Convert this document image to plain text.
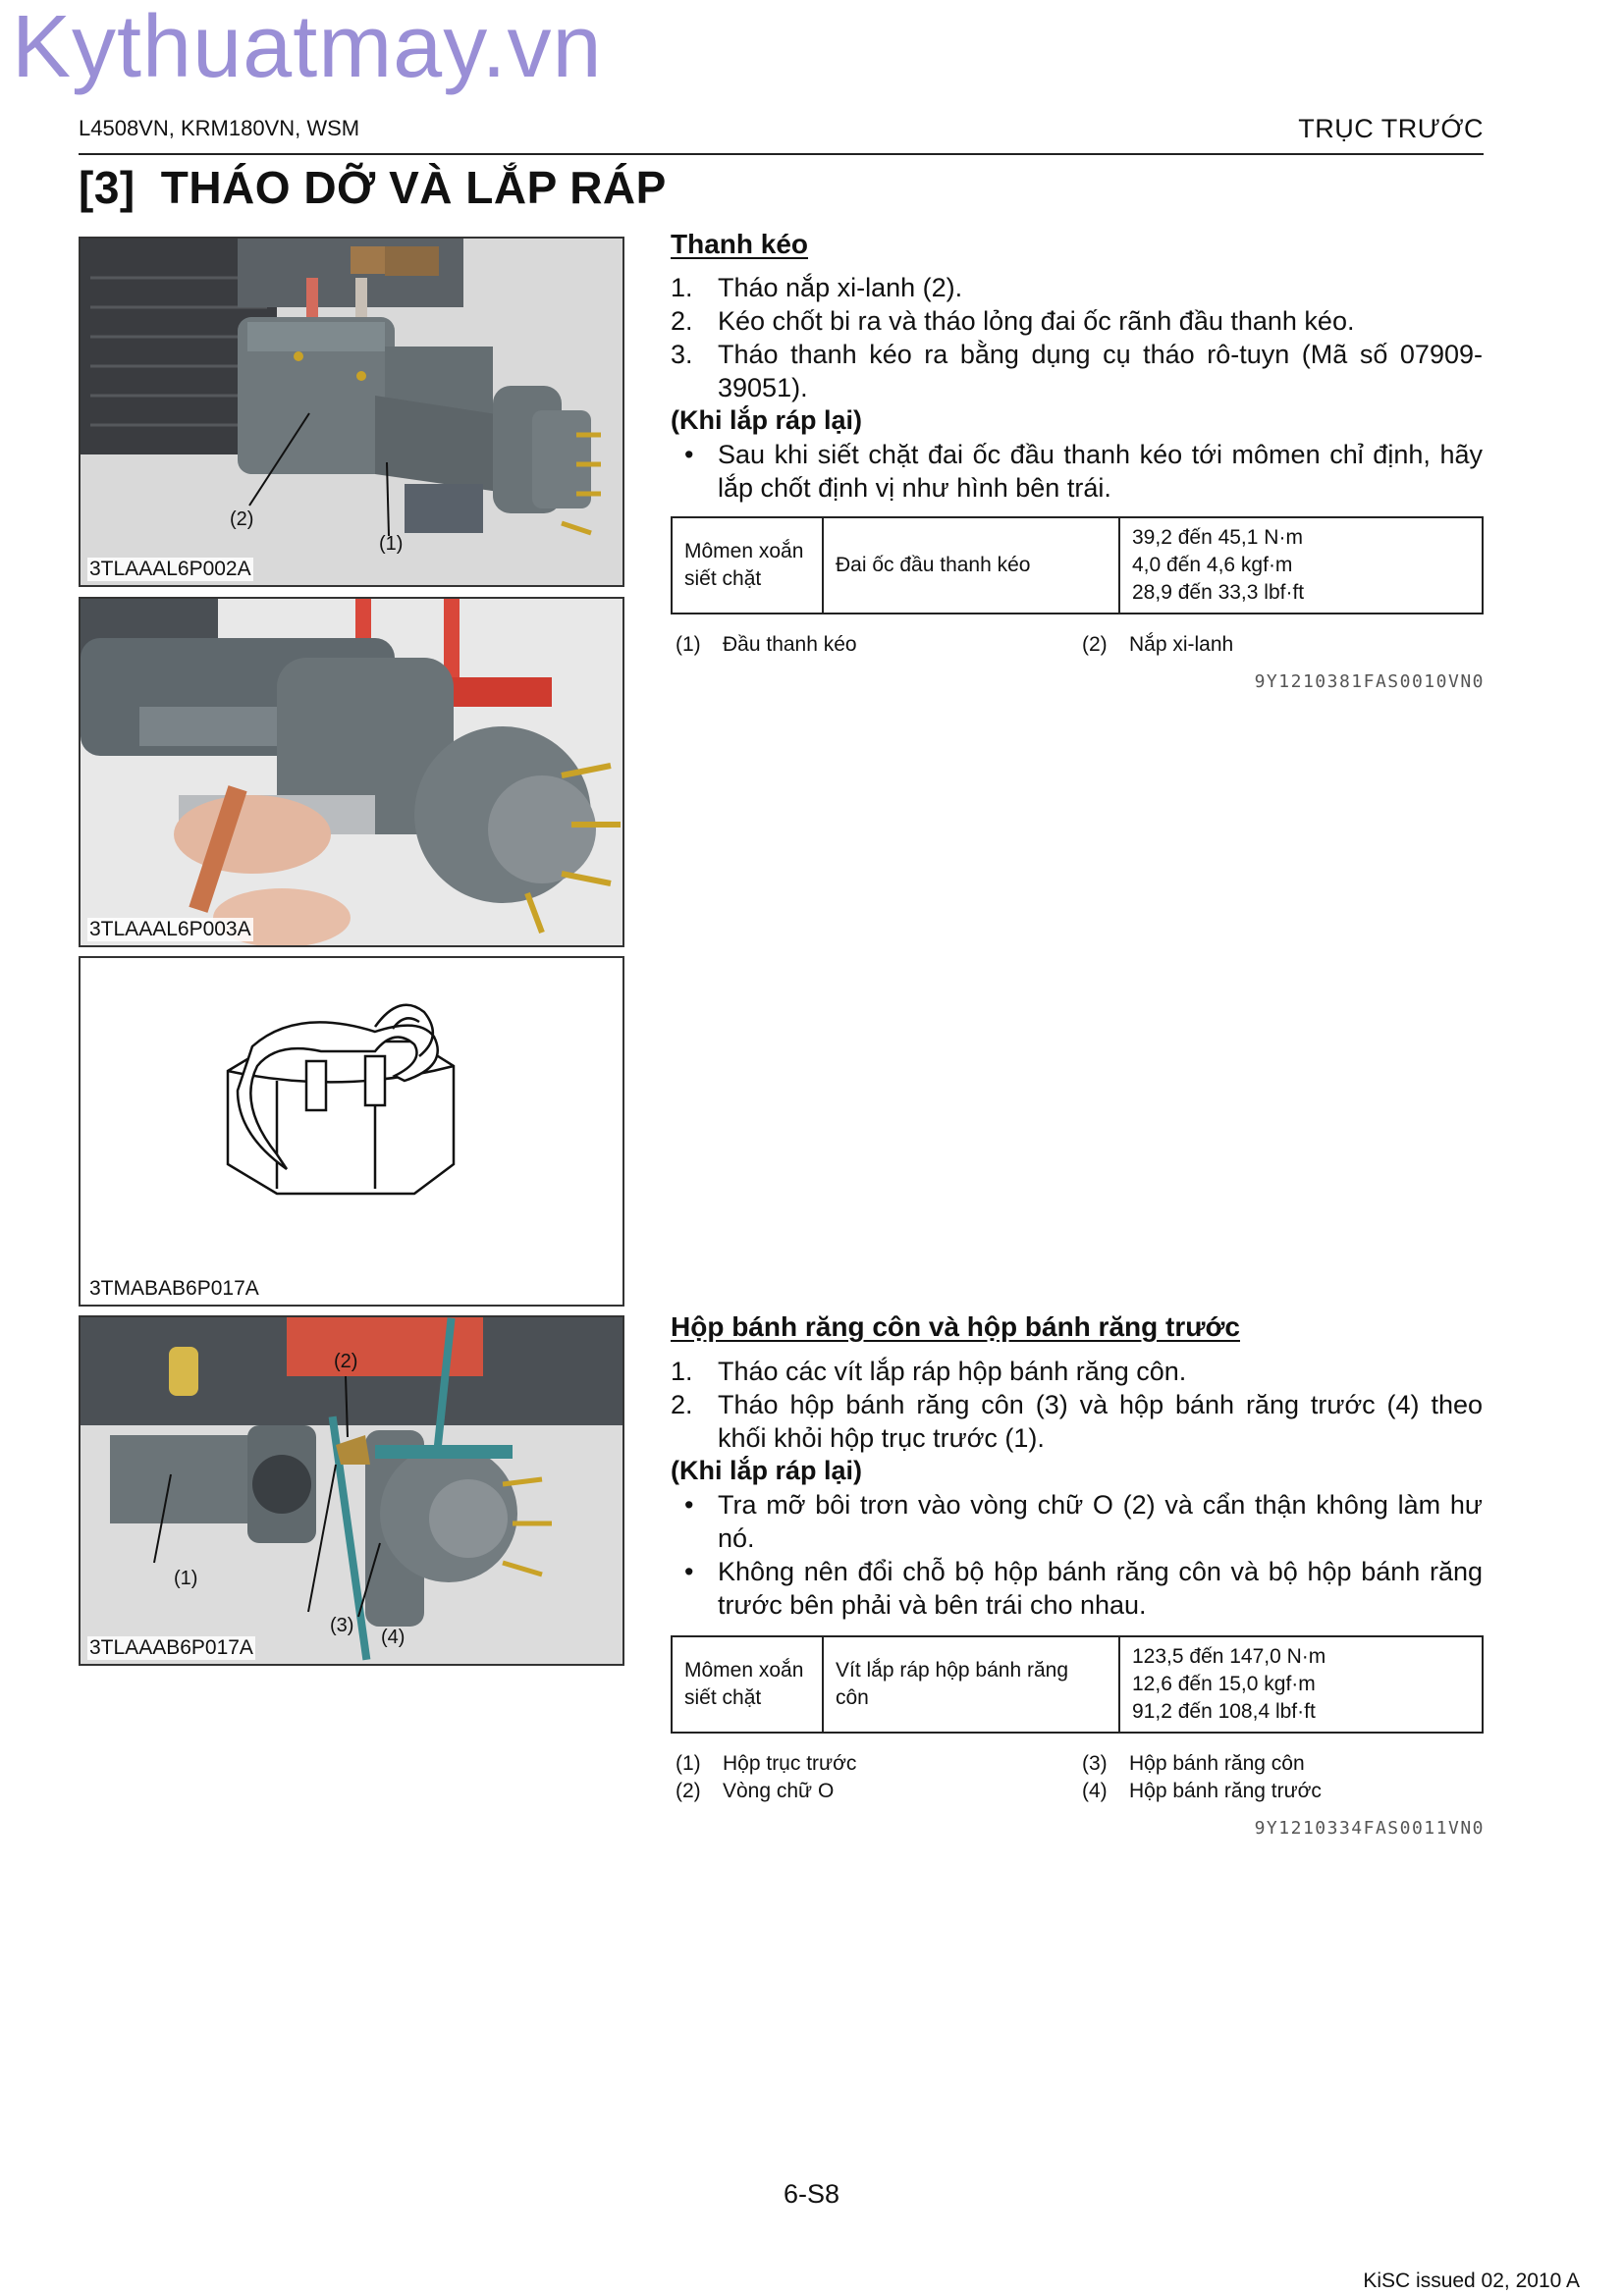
Kythuatmay.vn
L4508VN, KRM180VN, WSM	TRỤC TRƯỚC
[3] THÁO DỠ VÀ LẮP RÁP
(2)
(1)
3TLAAAL6P002A
3TLAAAL6P003A
3TMABAB6P017A
(2)
(1)
(3)
(4)
3TLAAAB6P017A
Thanh kéo
1. Tháo nắp xi-lanh (2).
2. Kéo chốt bi ra và tháo lỏng đai ốc rãnh đầu thanh kéo.
3. Tháo thanh kéo ra bằng dụng cụ tháo rô-tuyn (Mã số 07909-39051).
(Khi lắp ráp lại)
• Sau khi siết chặt đai ốc đầu thanh kéo tới mômen chỉ định, hãy lắp chốt định vị như hình bên trái.
Mômen xoắn siết chặt	Đai ốc đầu thanh kéo	
39,2 đến 45,1 N·m
4,0 đến 4,6 kgf·m
28,9 đến 33,3 lbf·ft
(1) Đầu thanh kéo	(2) Nắp xi-lanh
9Y1210381FAS0010VN0
Hộp bánh răng côn và hộp bánh răng trước
1. Tháo các vít lắp ráp hộp bánh răng côn.
2. Tháo hộp bánh răng côn (3) và hộp bánh răng trước (4) theo khối khỏi hộp trục trước (1).
(Khi lắp ráp lại)
• Tra mỡ bôi trơn vào vòng chữ O (2) và cẩn thận không làm hư nó.
• Không nên đổi chỗ bộ hộp bánh răng côn và bộ hộp bánh răng trước bên phải và bên trái cho nhau.
Mômen xoắn siết chặt	Vít lắp ráp hộp bánh răng côn	
123,5 đến 147,0 N·m
12,6 đến 15,0 kgf·m
91,2 đến 108,4 lbf·ft
(1) Hộp trục trước
(2) Vòng chữ O
(3) Hộp bánh răng côn
(4) Hộp bánh răng trước
9Y1210334FAS0011VN0
6-S8
KiSC issued 02, 2010 A
